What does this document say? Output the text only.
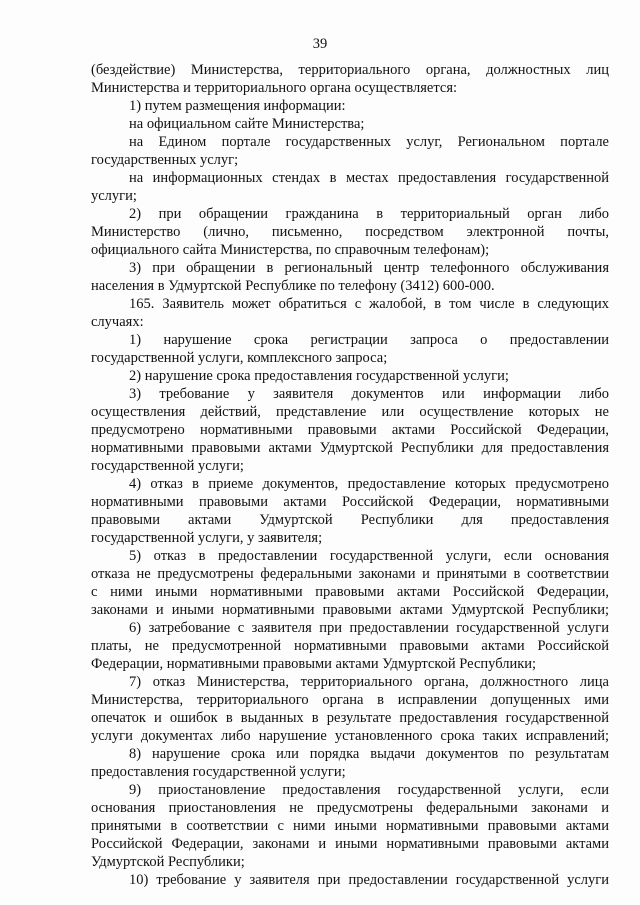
39
(бездействие) Министерства, территориального органа, должностных лиц
Министерства и территориального органа осуществляется:
1) путем размещения информации:
на официальном сайте Министерства;
на Едином портале государственных услуг, Региональном портале
государственных услуг;
на информационных стендах в местах предоставления государственной
услуги;
2) при обращении гражданина в территориальный орган либо
Министерство (лично, письменно, посредством электронной почты,
официального сайта Министерства, по справочным телефонам);
3) при обращении в региональный центр телефонного обслуживания
населения в Удмуртской Республике по телефону (3412) 600-000.
165. Заявитель может обратиться с жалобой, в том числе в следующих
случаях:
1) нарушение срока регистрации запроса о предоставлении
государственной услуги, комплексного запроса;
2) нарушение срока предоставления государственной услуги;
3) требование у заявителя документов или информации либо
осуществления действий, представление или осуществление которых не
предусмотрено нормативными правовыми актами Российской Федерации,
нормативными правовыми актами Удмуртской Республики для предоставления
государственной услуги;
4) отказ в приеме документов, предоставление которых предусмотрено
нормативными правовыми актами Российской Федерации, нормативными
правовыми актами Удмуртской Республики для предоставления
государственной услуги, у заявителя;
5) отказ в предоставлении государственной услуги, если основания
отказа не предусмотрены федеральными законами и принятыми в соответствии
с ними иными нормативными правовыми актами Российской Федерации,
законами и иными нормативными правовыми актами Удмуртской Республики;
6) затребование с заявителя при предоставлении государственной услуги
платы, не предусмотренной нормативными правовыми актами Российской
Федерации, нормативными правовыми актами Удмуртской Республики;
7) отказ Министерства, территориального органа, должностного лица
Министерства, территориального органа в исправлении допущенных ими
опечаток и ошибок в выданных в результате предоставления государственной
услуги документах либо нарушение установленного срока таких исправлений;
8) нарушение срока или порядка выдачи документов по результатам
предоставления государственной услуги;
9) приостановление предоставления государственной услуги, если
основания приостановления не предусмотрены федеральными законами и
принятыми в соответствии с ними иными нормативными правовыми актами
Российской Федерации, законами и иными нормативными правовыми актами
Удмуртской Республики;
10) требование у заявителя при предоставлении государственной услуги
